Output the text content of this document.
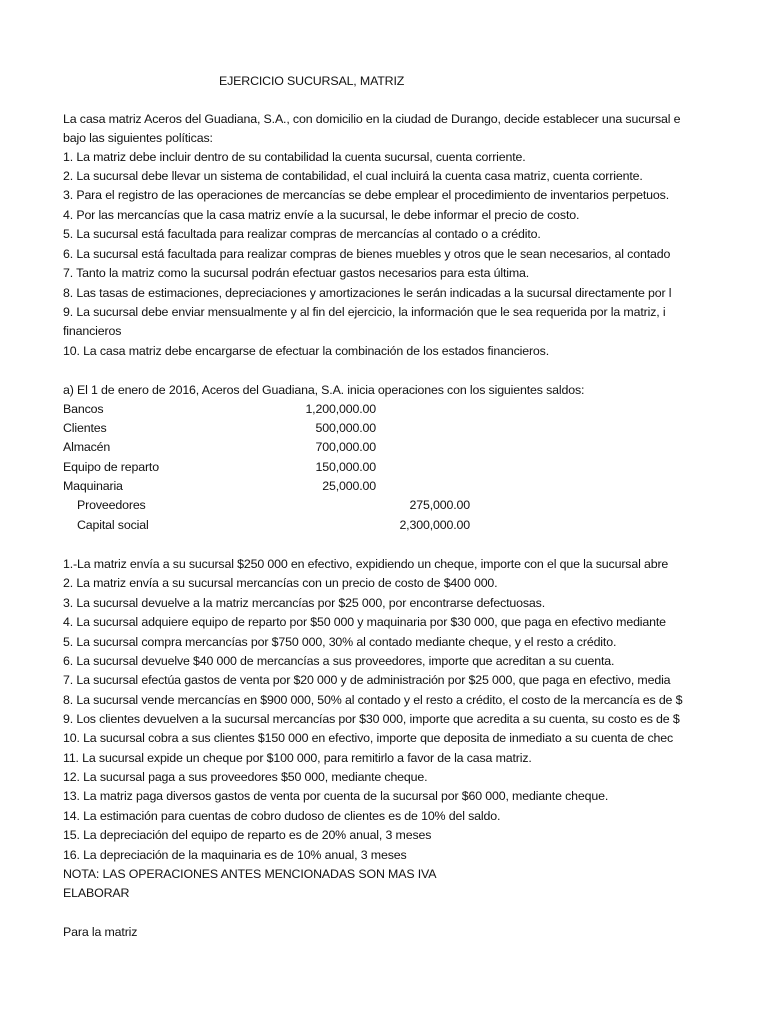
EJERCICIO SUCURSAL, MATRIZ
La casa matriz Aceros del Guadiana, S.A., con domicilio en la ciudad de Durango, decide establecer una sucursal e
bajo las siguientes políticas:
1. La matriz debe incluir dentro de su contabilidad la cuenta sucursal, cuenta corriente.
2. La sucursal debe llevar un sistema de contabilidad, el cual incluirá la cuenta casa matriz, cuenta corriente.
3. Para el registro de las operaciones de mercancías se debe emplear el procedimiento de inventarios perpetuos.
4. Por las mercancías que la casa matriz envíe a la sucursal, le debe informar el precio de costo.
5. La sucursal está facultada para realizar compras de mercancías al contado o a crédito.
6. La sucursal está facultada para realizar compras de bienes muebles y otros que le sean necesarios, al contado
7. Tanto la matriz como la sucursal podrán efectuar gastos necesarios para esta última.
8. Las tasas de estimaciones, depreciaciones y amortizaciones le serán indicadas a la sucursal directamente por l
9. La sucursal debe enviar mensualmente y al fin del ejercicio, la información que le sea requerida por la matriz, i
financieros
10. La casa matriz debe encargarse de efectuar la combinación de los estados financieros.
a) El 1 de enero de 2016, Aceros del Guadiana, S.A. inicia operaciones con los siguientes saldos:
Bancos	1,200,000.00
Clientes	500,000.00
Almacén	700,000.00
Equipo de reparto	150,000.00
Maquinaria	25,000.00
Proveedores	275,000.00
Capital social	2,300,000.00
1.-La matriz envía a su sucursal $250 000 en efectivo, expidiendo un cheque, importe con el que la sucursal abre
2. La matriz envía a su sucursal mercancías con un precio de costo de $400 000.
3. La sucursal devuelve a la matriz mercancías por $25 000, por encontrarse defectuosas.
4. La sucursal adquiere equipo de reparto por $50 000 y maquinaria por $30 000, que paga en efectivo mediante
5. La sucursal compra mercancías por $750 000, 30% al contado mediante cheque, y el resto a crédito.
6. La sucursal devuelve $40 000 de mercancías a sus proveedores, importe que acreditan a su cuenta.
7. La sucursal efectúa gastos de venta por $20 000 y de administración por $25 000, que paga en efectivo, media
8. La sucursal vende mercancías en $900 000, 50% al contado y el resto a crédito, el costo de la mercancía es de $
9. Los clientes devuelven a la sucursal mercancías por $30 000, importe que acredita a su cuenta, su costo es de $
10. La sucursal cobra a sus clientes $150 000 en efectivo, importe que deposita de inmediato a su cuenta de chec
11. La sucursal expide un cheque por $100 000, para remitirlo a favor de la casa matriz.
12. La sucursal paga a sus proveedores $50 000, mediante cheque.
13. La matriz paga diversos gastos de venta por cuenta de la sucursal por $60 000, mediante cheque.
14. La estimación para cuentas de cobro dudoso de clientes es de 10% del saldo.
15. La depreciación del equipo de reparto es de 20% anual, 3 meses
16. La depreciación de la maquinaria es de 10% anual, 3 meses
NOTA: LAS OPERACIONES ANTES MENCIONADAS SON MAS IVA
ELABORAR
Para la matriz
